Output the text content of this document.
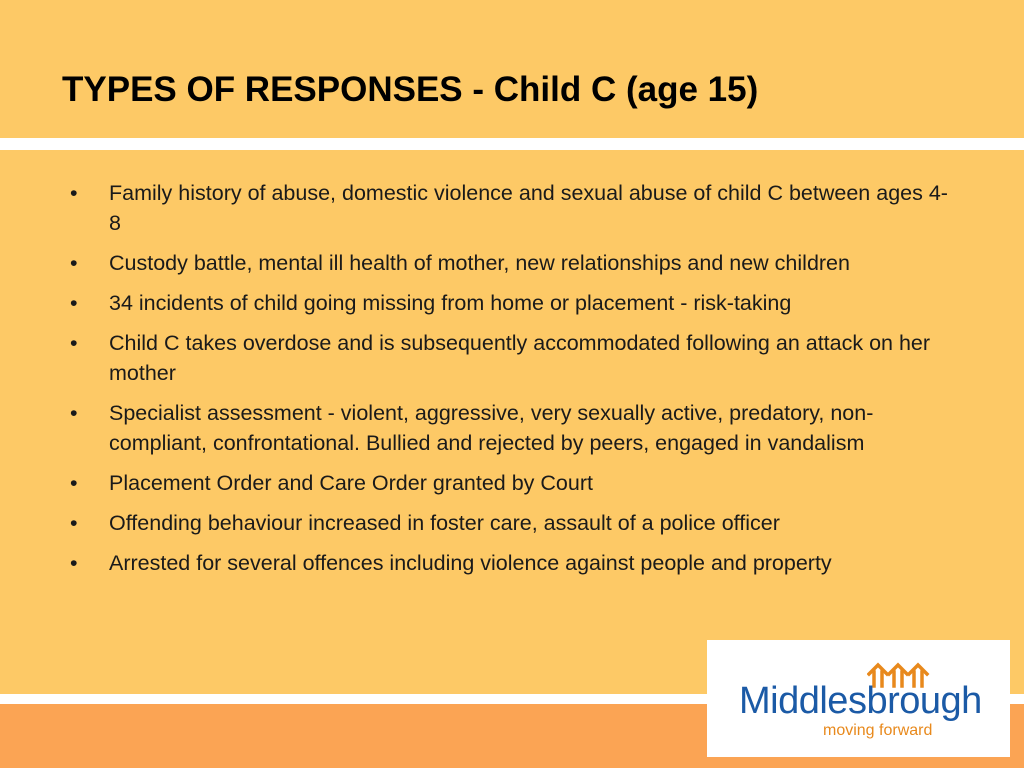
TYPES OF RESPONSES - Child C (age 15)
•	Family history of abuse, domestic violence and sexual abuse of child C between ages 4-8
•	Custody battle, mental ill health of mother, new relationships and new children
•	34 incidents of child going missing from home or placement - risk-taking
•	Child C takes overdose and is subsequently accommodated following an attack on her mother
•	Specialist assessment - violent, aggressive, very sexually active, predatory, non-compliant, confrontational. Bullied and rejected by peers, engaged in vandalism
•	Placement Order and Care Order granted by Court
•	Offending behaviour increased in foster care, assault of a police officer
•	Arrested for several offences including violence against people and property
Middlesbrough
moving forward
